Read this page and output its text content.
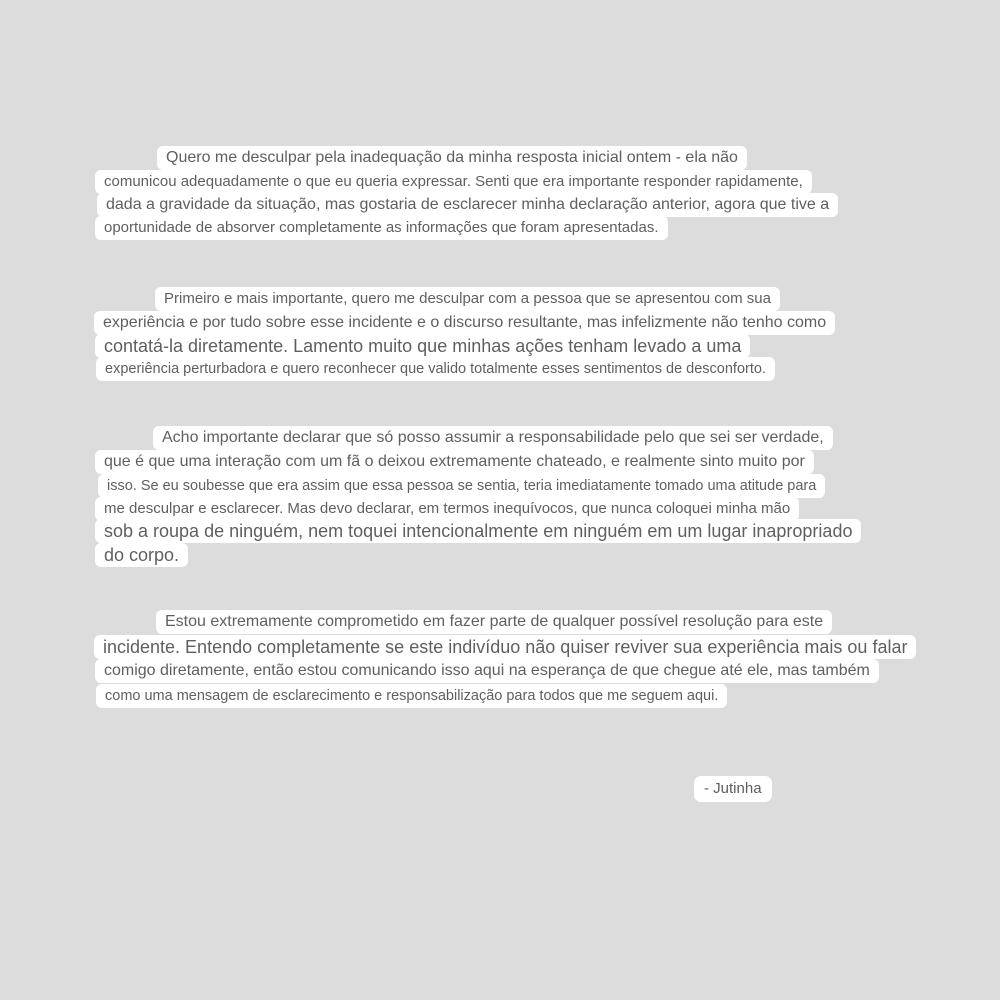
Quero me desculpar pela inadequação da minha resposta inicial ontem - ela não
comunicou adequadamente o que eu queria expressar. Senti que era importante responder rapidamente,
dada a gravidade da situação, mas gostaria de esclarecer minha declaração anterior, agora que tive a
oportunidade de absorver completamente as informações que foram apresentadas.
Primeiro e mais importante, quero me desculpar com a pessoa que se apresentou com sua
experiência e por tudo sobre esse incidente e o discurso resultante, mas infelizmente não tenho como
contatá-la diretamente. Lamento muito que minhas ações tenham levado a uma
experiência perturbadora e quero reconhecer que valido totalmente esses sentimentos de desconforto.
Acho importante declarar que só posso assumir a responsabilidade pelo que sei ser verdade,
que é que uma interação com um fã o deixou extremamente chateado, e realmente sinto muito por
isso. Se eu soubesse que era assim que essa pessoa se sentia, teria imediatamente tomado uma atitude para
me desculpar e esclarecer. Mas devo declarar, em termos inequívocos, que nunca coloquei minha mão
sob a roupa de ninguém, nem toquei intencionalmente em ninguém em um lugar inapropriado
do corpo.
Estou extremamente comprometido em fazer parte de qualquer possível resolução para este
incidente. Entendo completamente se este indivíduo não quiser reviver sua experiência mais ou falar
comigo diretamente, então estou comunicando isso aqui na esperança de que chegue até ele, mas também
como uma mensagem de esclarecimento e responsabilização para todos que me seguem aqui.
- Jutinha
